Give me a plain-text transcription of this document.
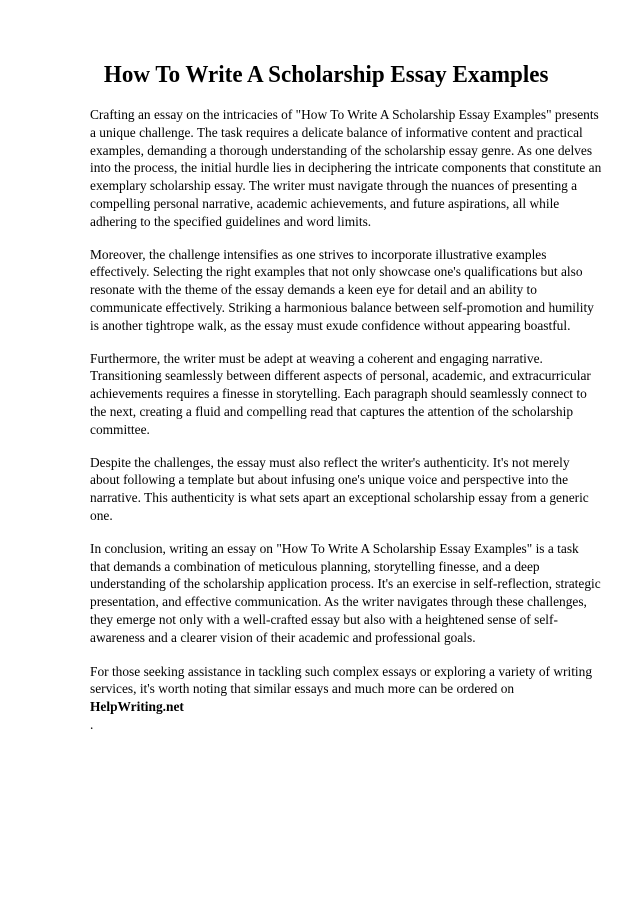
How To Write A Scholarship Essay Examples

Crafting an essay on the intricacies of "How To Write A Scholarship Essay Examples" presents a unique challenge. The task requires a delicate balance of informative content and practical examples, demanding a thorough understanding of the scholarship essay genre. As one delves into the process, the initial hurdle lies in deciphering the intricate components that constitute an exemplary scholarship essay. The writer must navigate through the nuances of presenting a compelling personal narrative, academic achievements, and future aspirations, all while adhering to the specified guidelines and word limits.

Moreover, the challenge intensifies as one strives to incorporate illustrative examples effectively. Selecting the right examples that not only showcase one's qualifications but also resonate with the theme of the essay demands a keen eye for detail and an ability to communicate effectively. Striking a harmonious balance between self-promotion and humility is another tightrope walk, as the essay must exude confidence without appearing boastful.

Furthermore, the writer must be adept at weaving a coherent and engaging narrative. Transitioning seamlessly between different aspects of personal, academic, and extracurricular achievements requires a finesse in storytelling. Each paragraph should seamlessly connect to the next, creating a fluid and compelling read that captures the attention of the scholarship committee.

Despite the challenges, the essay must also reflect the writer's authenticity. It's not merely about following a template but about infusing one's unique voice and perspective into the narrative. This authenticity is what sets apart an exceptional scholarship essay from a generic one.

In conclusion, writing an essay on "How To Write A Scholarship Essay Examples" is a task that demands a combination of meticulous planning, storytelling finesse, and a deep understanding of the scholarship application process. It's an exercise in self-reflection, strategic presentation, and effective communication. As the writer navigates through these challenges, they emerge not only with a well-crafted essay but also with a heightened sense of self-awareness and a clearer vision of their academic and professional goals.

For those seeking assistance in tackling such complex essays or exploring a variety of writing services, it's worth noting that similar essays and much more can be ordered on HelpWriting.net
.
